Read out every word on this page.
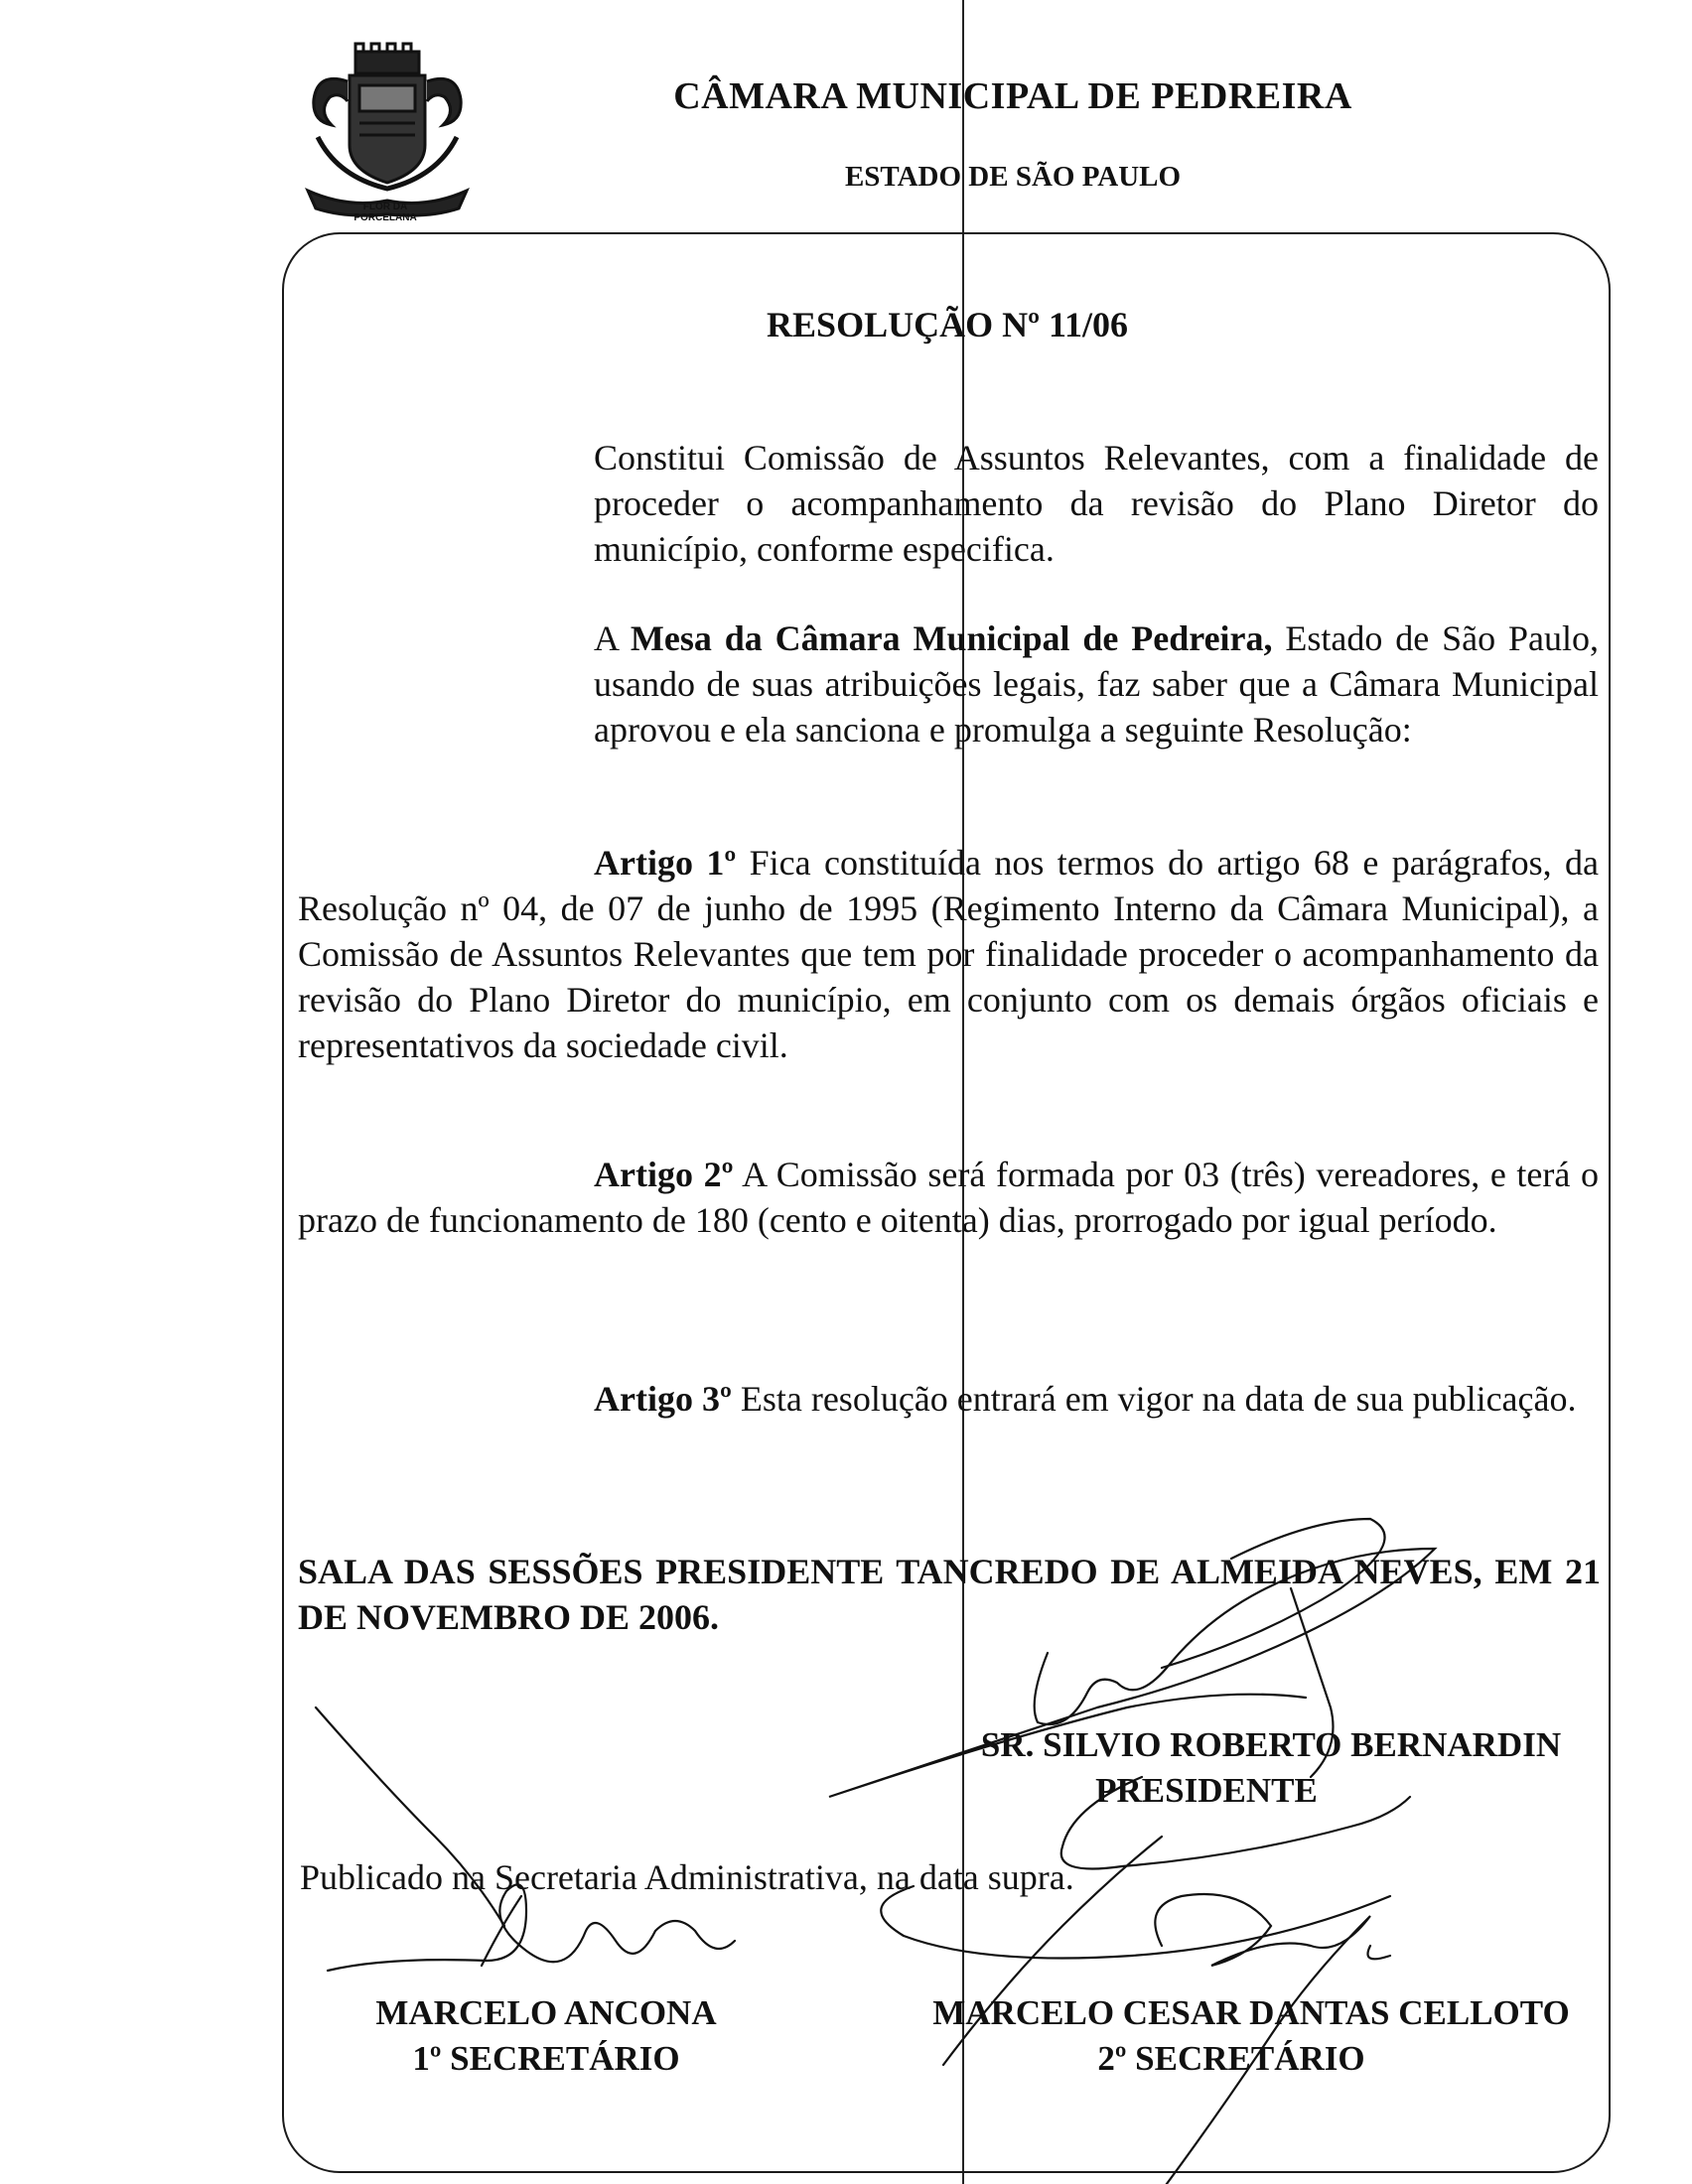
FLOR DA
PORCELANA
CÂMARA MUNICIPAL DE PEDREIRA
ESTADO DE SÃO PAULO
RESOLUÇÃO Nº 11/06
Constitui Comissão de Assuntos Relevantes, com a finalidade de proceder o acompanhamento da revisão do Plano Diretor do município, conforme especifica.
A Mesa da Câmara Municipal de Pedreira, Estado de São Paulo, usando de suas atribuições legais, faz saber que a Câmara Municipal aprovou e ela sanciona e promulga a seguinte Resolução:
Artigo 1º Fica constituída nos termos do artigo 68 e parágrafos, da Resolução nº 04, de 07 de junho de 1995 (Regimento Interno da Câmara Municipal), a Comissão de Assuntos Relevantes que tem por finalidade proceder o acompanhamento da revisão do Plano Diretor do município, em conjunto com os demais órgãos oficiais e representativos da sociedade civil.
Artigo 2º A Comissão será formada por 03 (três) vereadores, e terá o prazo de funcionamento de 180 (cento e oitenta) dias, prorrogado por igual período.
Artigo 3º Esta resolução entrará em vigor na data de sua publicação.
SALA DAS SESSÕES PRESIDENTE TANCREDO DE ALMEIDA NEVES, EM 21 DE NOVEMBRO DE 2006.
SR. SILVIO ROBERTO BERNARDIN
PRESIDENTE
Publicado na Secretaria Administrativa, na data supra.
MARCELO ANCONA
1º SECRETÁRIO
MARCELO CESAR DANTAS CELLOTO
2º SECRETÁRIO
